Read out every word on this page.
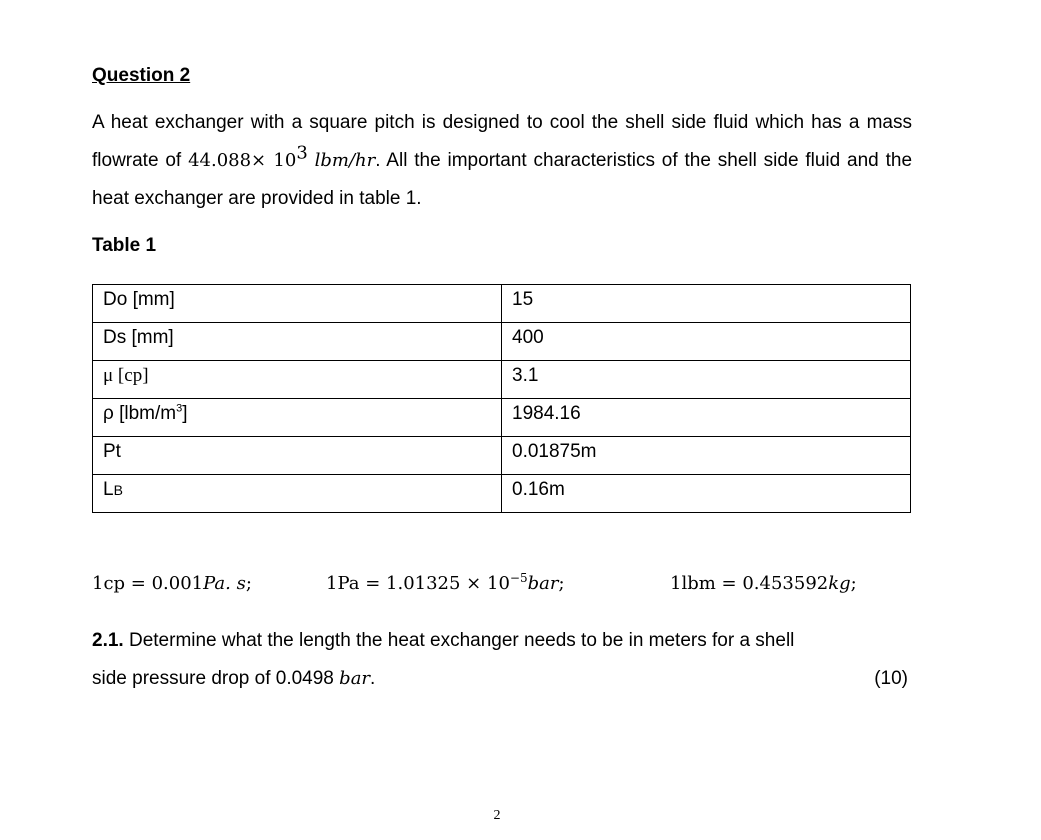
Question 2
A heat exchanger with a square pitch is designed to cool the shell side fluid which has a mass flowrate of $44.088\times 10^3$ lbm/hr. All the important characteristics of the shell side fluid and the heat exchanger are provided in table 1.
Table 1
Do [mm]	15
Ds [mm]	400
μ [cp]	3.1
ρ $[lbm/m^3]$	1984.16
Pt	0.01875m
LB	0.16m
1cp = 0.001Pa. s;	$1Pa = 1.01325 \times 10^{-5}bar$;	1lbm = 0.453592kg;
2.1. Determine what the length the heat exchanger needs to be in meters for a shell
side pressure drop of 0.0498 bar.	(10)
2
